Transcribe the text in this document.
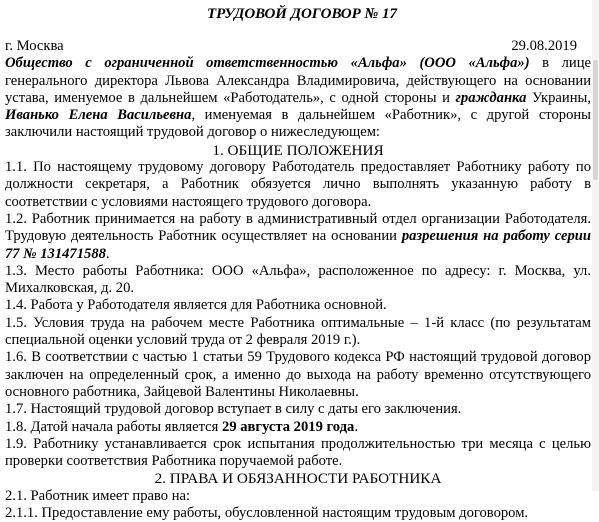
ТРУДОВОЙ ДОГОВОР № 17
г. Москва	29.08.2019

Общество с ограниченной ответственностью «Альфа» (ООО «Альфа») в лице генерального директора Львова Александра Владимировича, действующего на основании устава, именуемое в дальнейшем «Работодатель», с одной стороны и гражданка Украины, Иванько Елена Васильевна, именуемая в дальнейшем «Работник», с другой стороны заключили настоящий трудовой договор о нижеследующем:

1. ОБЩИЕ ПОЛОЖЕНИЯ

1.1. По настоящему трудовому договору Работодатель предоставляет Работнику работу по должности секретаря, а Работник обязуется лично выполнять указанную работу в соответствии с условиями настоящего трудового договора.

1.2. Работник принимается на работу в административный отдел организации Работодателя. Трудовую деятельность Работник осуществляет на основании разрешения на работу серии 77 № 131471588.

1.3. Место работы Работника: ООО «Альфа», расположенное по адресу: г. Москва, ул. Михалковская, д. 20.

1.4. Работа у Работодателя является для Работника основной.

1.5. Условия труда на рабочем месте Работника оптимальные – 1-й класс (по результатам специальной оценки условий труда от 2 февраля 2019 г.).

1.6. В соответствии с частью 1 статьи 59 Трудового кодекса РФ настоящий трудовой договор заключен на определенный срок, а именно до выхода на работу временно отсутствующего основного работника, Зайцевой Валентины Николаевны.

1.7. Настоящий трудовой договор вступает в силу с даты его заключения.

1.8. Датой начала работы является 29 августа 2019 года.

1.9. Работнику устанавливается срок испытания продолжительностью три месяца с целью проверки соответствия Работника поручаемой работе.

2. ПРАВА И ОБЯЗАННОСТИ РАБОТНИКА

2.1. Работник имеет право на:

2.1.1. Предоставление ему работы, обусловленной настоящим трудовым договором.
